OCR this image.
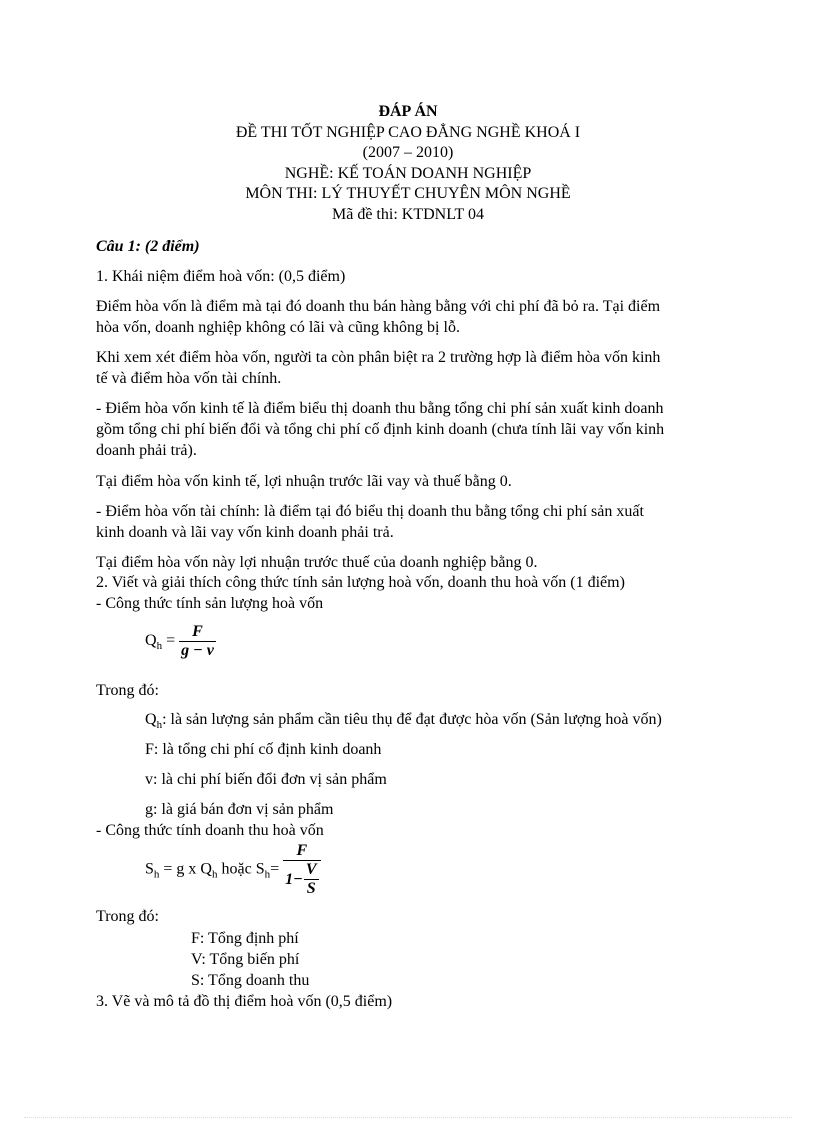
ĐÁP ÁN
ĐỀ THI TỐT NGHIỆP CAO ĐẲNG NGHỀ KHOÁ I
(2007 – 2010)
NGHỀ: KẾ TOÁN DOANH NGHIỆP
MÔN THI: LÝ THUYẾT CHUYÊN MÔN NGHỀ
Mã đề thi: KTDNLT 04
Câu 1: (2 điểm)
1. Khái niệm điểm hoà vốn: (0,5 điểm)
Điểm hòa vốn là điểm mà tại đó doanh thu bán hàng bằng với chi phí đã bỏ ra. Tại điểm
hòa vốn, doanh nghiệp không có lãi và cũng không bị lỗ.
Khi xem xét điểm hòa vốn, người ta còn phân biệt ra 2 trường hợp là điểm hòa vốn kinh
tế và điểm hòa vốn tài chính.
- Điểm hòa vốn kinh tế là điểm biểu thị doanh thu bằng tổng chi phí sản xuất kinh doanh
gồm tổng chi phí biến đổi và tổng chi phí cố định kinh doanh (chưa tính lãi vay vốn kinh
doanh phải trả).
Tại điểm hòa vốn kinh tế, lợi nhuận trước lãi vay và thuế bằng 0.
- Điểm hòa vốn tài chính: là điểm tại đó biểu thị doanh thu bằng tổng chi phí sản xuất
kinh doanh và lãi vay vốn kinh doanh phải trả.
Tại điểm hòa vốn này lợi nhuận trước thuế của doanh nghiệp bằng 0.
2. Viết và giải thích công thức tính sản lượng hoà vốn, doanh thu hoà vốn (1 điểm)
- Công thức tính sản lượng hoà vốn
$Q_h = \frac{F}{g - v}$
Trong đó:
$Q_h$: là sản lượng sản phẩm cần tiêu thụ để đạt được hòa vốn (Sản lượng hoà vốn)
F: là tổng chi phí cố định kinh doanh
v: là chi phí biến đổi đơn vị sản phẩm
g: là giá bán đơn vị sản phẩm
- Công thức tính doanh thu hoà vốn
$S_h = g$ x $Q_h$ hoặc $S_h= \frac{F}{1- \frac{V}{S}}$
Trong đó:
F: Tổng định phí
V: Tổng biến phí
S: Tổng doanh thu
3. Vẽ và mô tả đồ thị điểm hoà vốn (0,5 điểm)
